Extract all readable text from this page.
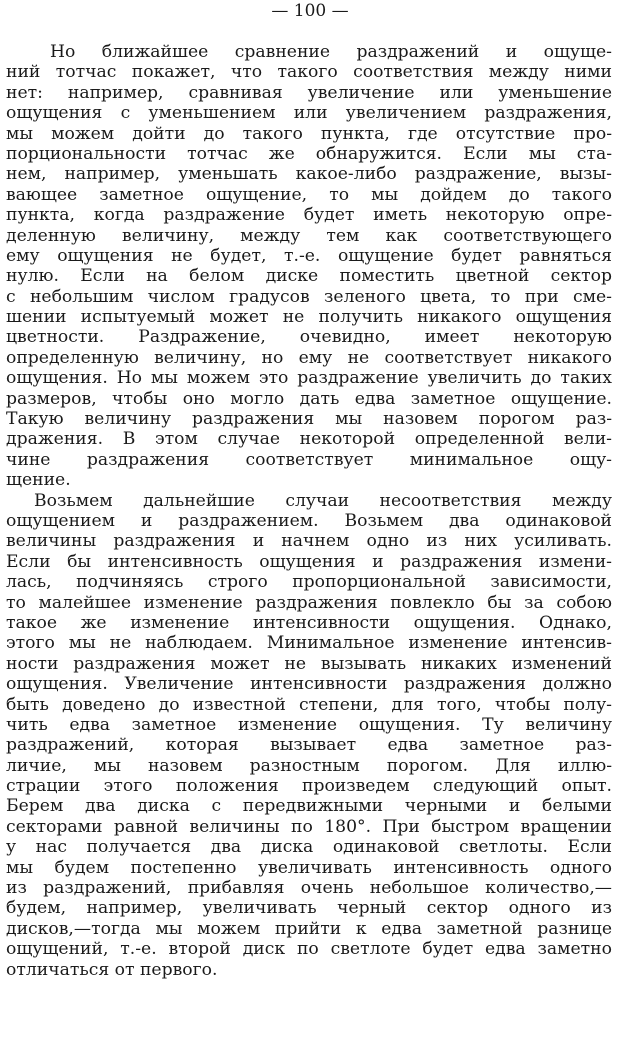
— 100 —
Но ближайшее сравнение раздражений и ощуще-
ний тотчас покажет, что такого соответствия между ними
нет: например, сравнивая увеличение или уменьшение
ощущения с уменьшением или увеличением раздражения,
мы можем дойти до такого пункта, где отсутствие про-
порциональности тотчас же обнаружится. Если мы ста-
нем, например, уменьшать какое-либо раздражение, вызы-
вающее заметное ощущение, то мы дойдем до такого
пункта, когда раздражение будет иметь некоторую опре-
деленную величину, между тем как соответствующего
ему ощущения не будет, т.-е. ощущение будет равняться
нулю. Если на белом диске поместить цветной сектор
с небольшим числом градусов зеленого цвета, то при сме-
шении испытуемый может не получить никакого ощущения
цветности. Раздражение, очевидно, имеет некоторую
определенную величину, но ему не соответствует никакого
ощущения. Но мы можем это раздражение увеличить до таких
размеров, чтобы оно могло дать едва заметное ощущение.
Такую величину раздражения мы назовем порогом раз-
дражения. В этом случае некоторой определенной вели-
чине раздражения соответствует минимальное ощу-
щение.
Возьмем дальнейшие случаи несоответствия между
ощущением и раздражением. Возьмем два одинаковой
величины раздражения и начнем одно из них усиливать.
Если бы интенсивность ощущения и раздражения измени-
лась, подчиняясь строго пропорциональной зависимости,
то малейшее изменение раздражения повлекло бы за собою
такое же изменение интенсивности ощущения. Однако,
этого мы не наблюдаем. Минимальное изменение интенсив-
ности раздражения может не вызывать никаких изменений
ощущения. Увеличение интенсивности раздражения должно
быть доведено до известной степени, для того, чтобы полу-
чить едва заметное изменение ощущения. Ту величину
раздражений, которая вызывает едва заметное раз-
личие, мы назовем разностным порогом. Для иллю-
страции этого положения произведем следующий опыт.
Берем два диска с передвижными черными и белыми
секторами равной величины по 180°. При быстром вращении
у нас получается два диска одинаковой светлоты. Если
мы будем постепенно увеличивать интенсивность одного
из раздражений, прибавляя очень небольшое количество,—
будем, например, увеличивать черный сектор одного из
дисков,—тогда мы можем прийти к едва заметной разнице
ощущений, т.-е. второй диск по светлоте будет едва заметно
отличаться от первого.
